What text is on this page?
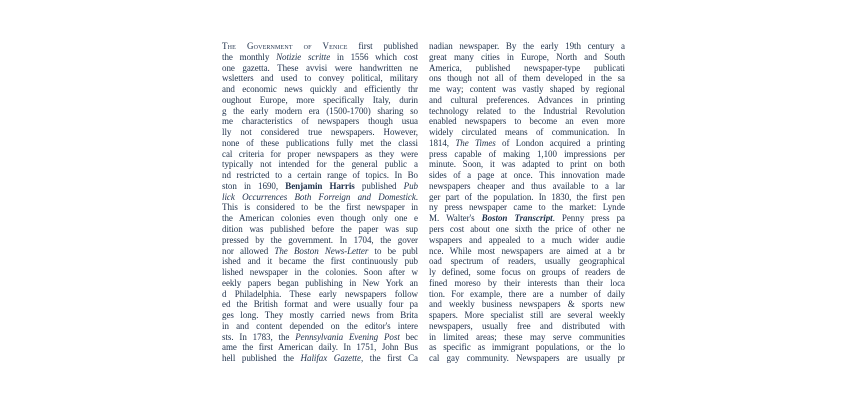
The Government of Venice first published
the monthly Notizie scritte in 1556 which cost
one gazetta. These avvisi were handwritten ne
wsletters and used to convey political, military
and economic news quickly and efficiently thr
oughout Europe, more specifically Italy, durin
g the early modern era (1500-1700) sharing so
me characteristics of newspapers though usua
lly not considered true newspapers. However,
none of these publications fully met the classi
cal criteria for proper newspapers as they were
typically not intended for the general public a
nd restricted to a certain range of topics. In Bo
ston in 1690, Benjamin Harris published Pub
lick Occurrences Both Forreign and Domestick.
This is considered to be the first newspaper in
the American colonies even though only one e
dition was published before the paper was sup
pressed by the government. In 1704, the gover
nor allowed The Boston News-Letter to be publ
ished and it became the first continuously pub
lished newspaper in the colonies. Soon after w
eekly papers began publishing in New York an
d Philadelphia. These early newspapers follow
ed the British format and were usually four pa
ges long. They mostly carried news from Brita
in and content depended on the editor's intere
sts. In 1783, the Pennsylvania Evening Post bec
ame the first American daily. In 1751, John Bus
hell published the Halifax Gazette, the first Ca
nadian newspaper. By the early 19th century a
great many cities in Europe, North and South
America, published newspaper-type publicati
ons though not all of them developed in the sa
me way; content was vastly shaped by regional
and cultural preferences. Advances in printing
technology related to the Industrial Revolution
enabled newspapers to become an even more
widely circulated means of communication. In
1814, The Times of London acquired a printing
press capable of making 1,100 impressions per
minute. Soon, it was adapted to print on both
sides of a page at once. This innovation made
newspapers cheaper and thus available to a lar
ger part of the population. In 1830, the first pen
ny press newspaper came to the market: Lynde
M. Walter's Boston Transcript. Penny press pa
pers cost about one sixth the price of other ne
wspapers and appealed to a much wider audie
nce. While most newspapers are aimed at a br
oad spectrum of readers, usually geographical
ly defined, some focus on groups of readers de
fined moreso by their interests than their loca
tion. For example, there are a number of daily
and weekly business newspapers & sports new
spapers. More specialist still are several weekly
newspapers, usually free and distributed with
in limited areas; these may serve communities
as specific as immigrant populations, or the lo
cal gay community. Newspapers are usually pr
